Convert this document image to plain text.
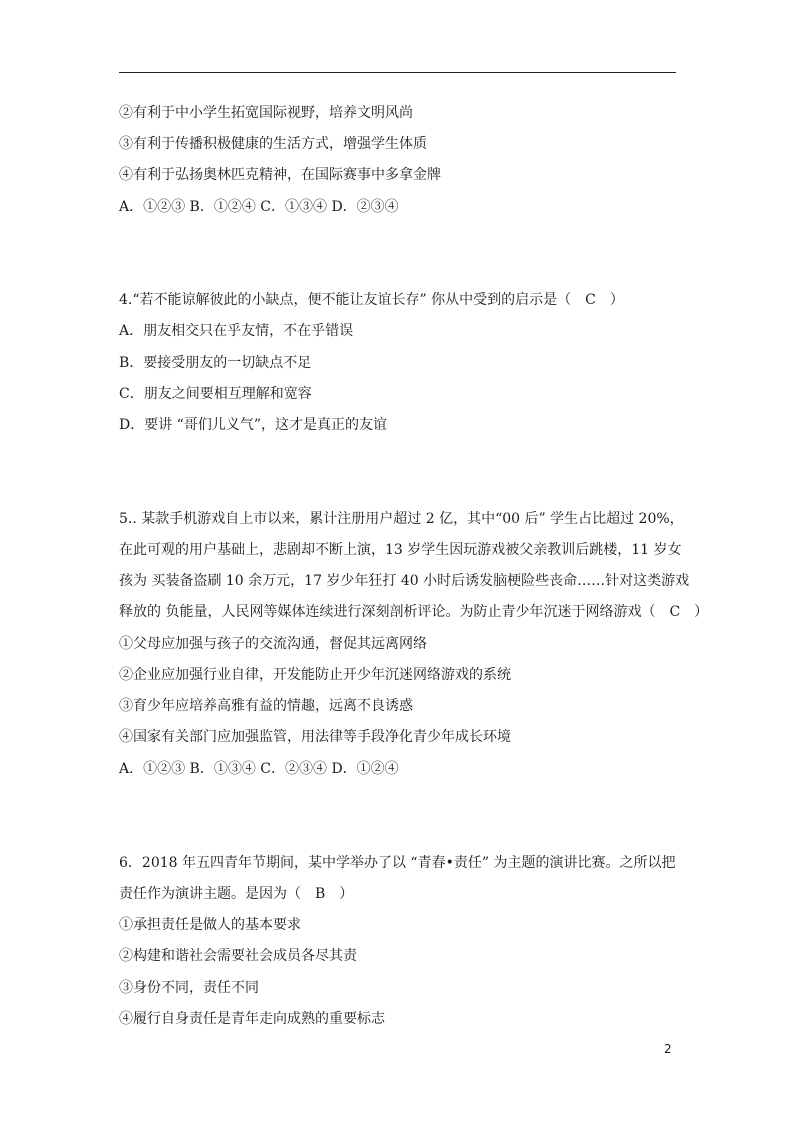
②有利于中小学生拓宽国际视野，培养文明风尚
③有利于传播积极健康的生活方式，增强学生体质
④有利于弘扬奥林匹克精神，在国际赛事中多拿金牌
A．①②③ B．①②④ C．①③④ D．②③④
4.“若不能谅解彼此的小缺点，便不能让友谊长存” 你从中受到的启示是（　C　）
A．朋友相交只在乎友情，不在乎错误
B．要接受朋友的一切缺点不足
C．朋友之间要相互理解和宽容
D．要讲 “哥们儿义气”，这才是真正的友谊
5.. 某款手机游戏自上市以来，累计注册用户超过 2 亿，其中“00 后” 学生占比超过 20%，
在此可观的用户基础上，悲剧却不断上演，13 岁学生因玩游戏被父亲教训后跳楼，11 岁女
孩为 买装备盗刷 10 余万元，17 岁少年狂打 40 小时后诱发脑梗险些丧命……针对这类游戏
释放的 负能量，人民网等媒体连续进行深刻剖析评论。为防止青少年沉迷于网络游戏（　C　）
①父母应加强与孩子的交流沟通，督促其远离网络
②企业应加强行业自律，开发能防止开少年沉迷网络游戏的系统
③育少年应培养高雅有益的情趣，远离不良诱惑
④国家有关部门应加强监管，用法律等手段净化青少年成长环境
A．①②③ B．①③④ C．②③④ D．①②④
6．2018 年五四青年节期间，某中学举办了以 “青春•责任” 为主题的演讲比赛。之所以把
责任作为演讲主题。是因为（　B　）
①承担责任是做人的基本要求
②构建和谐社会需要社会成员各尽其责
③身份不同，责任不同
④履行自身责任是青年走向成熟的重要标志
2
